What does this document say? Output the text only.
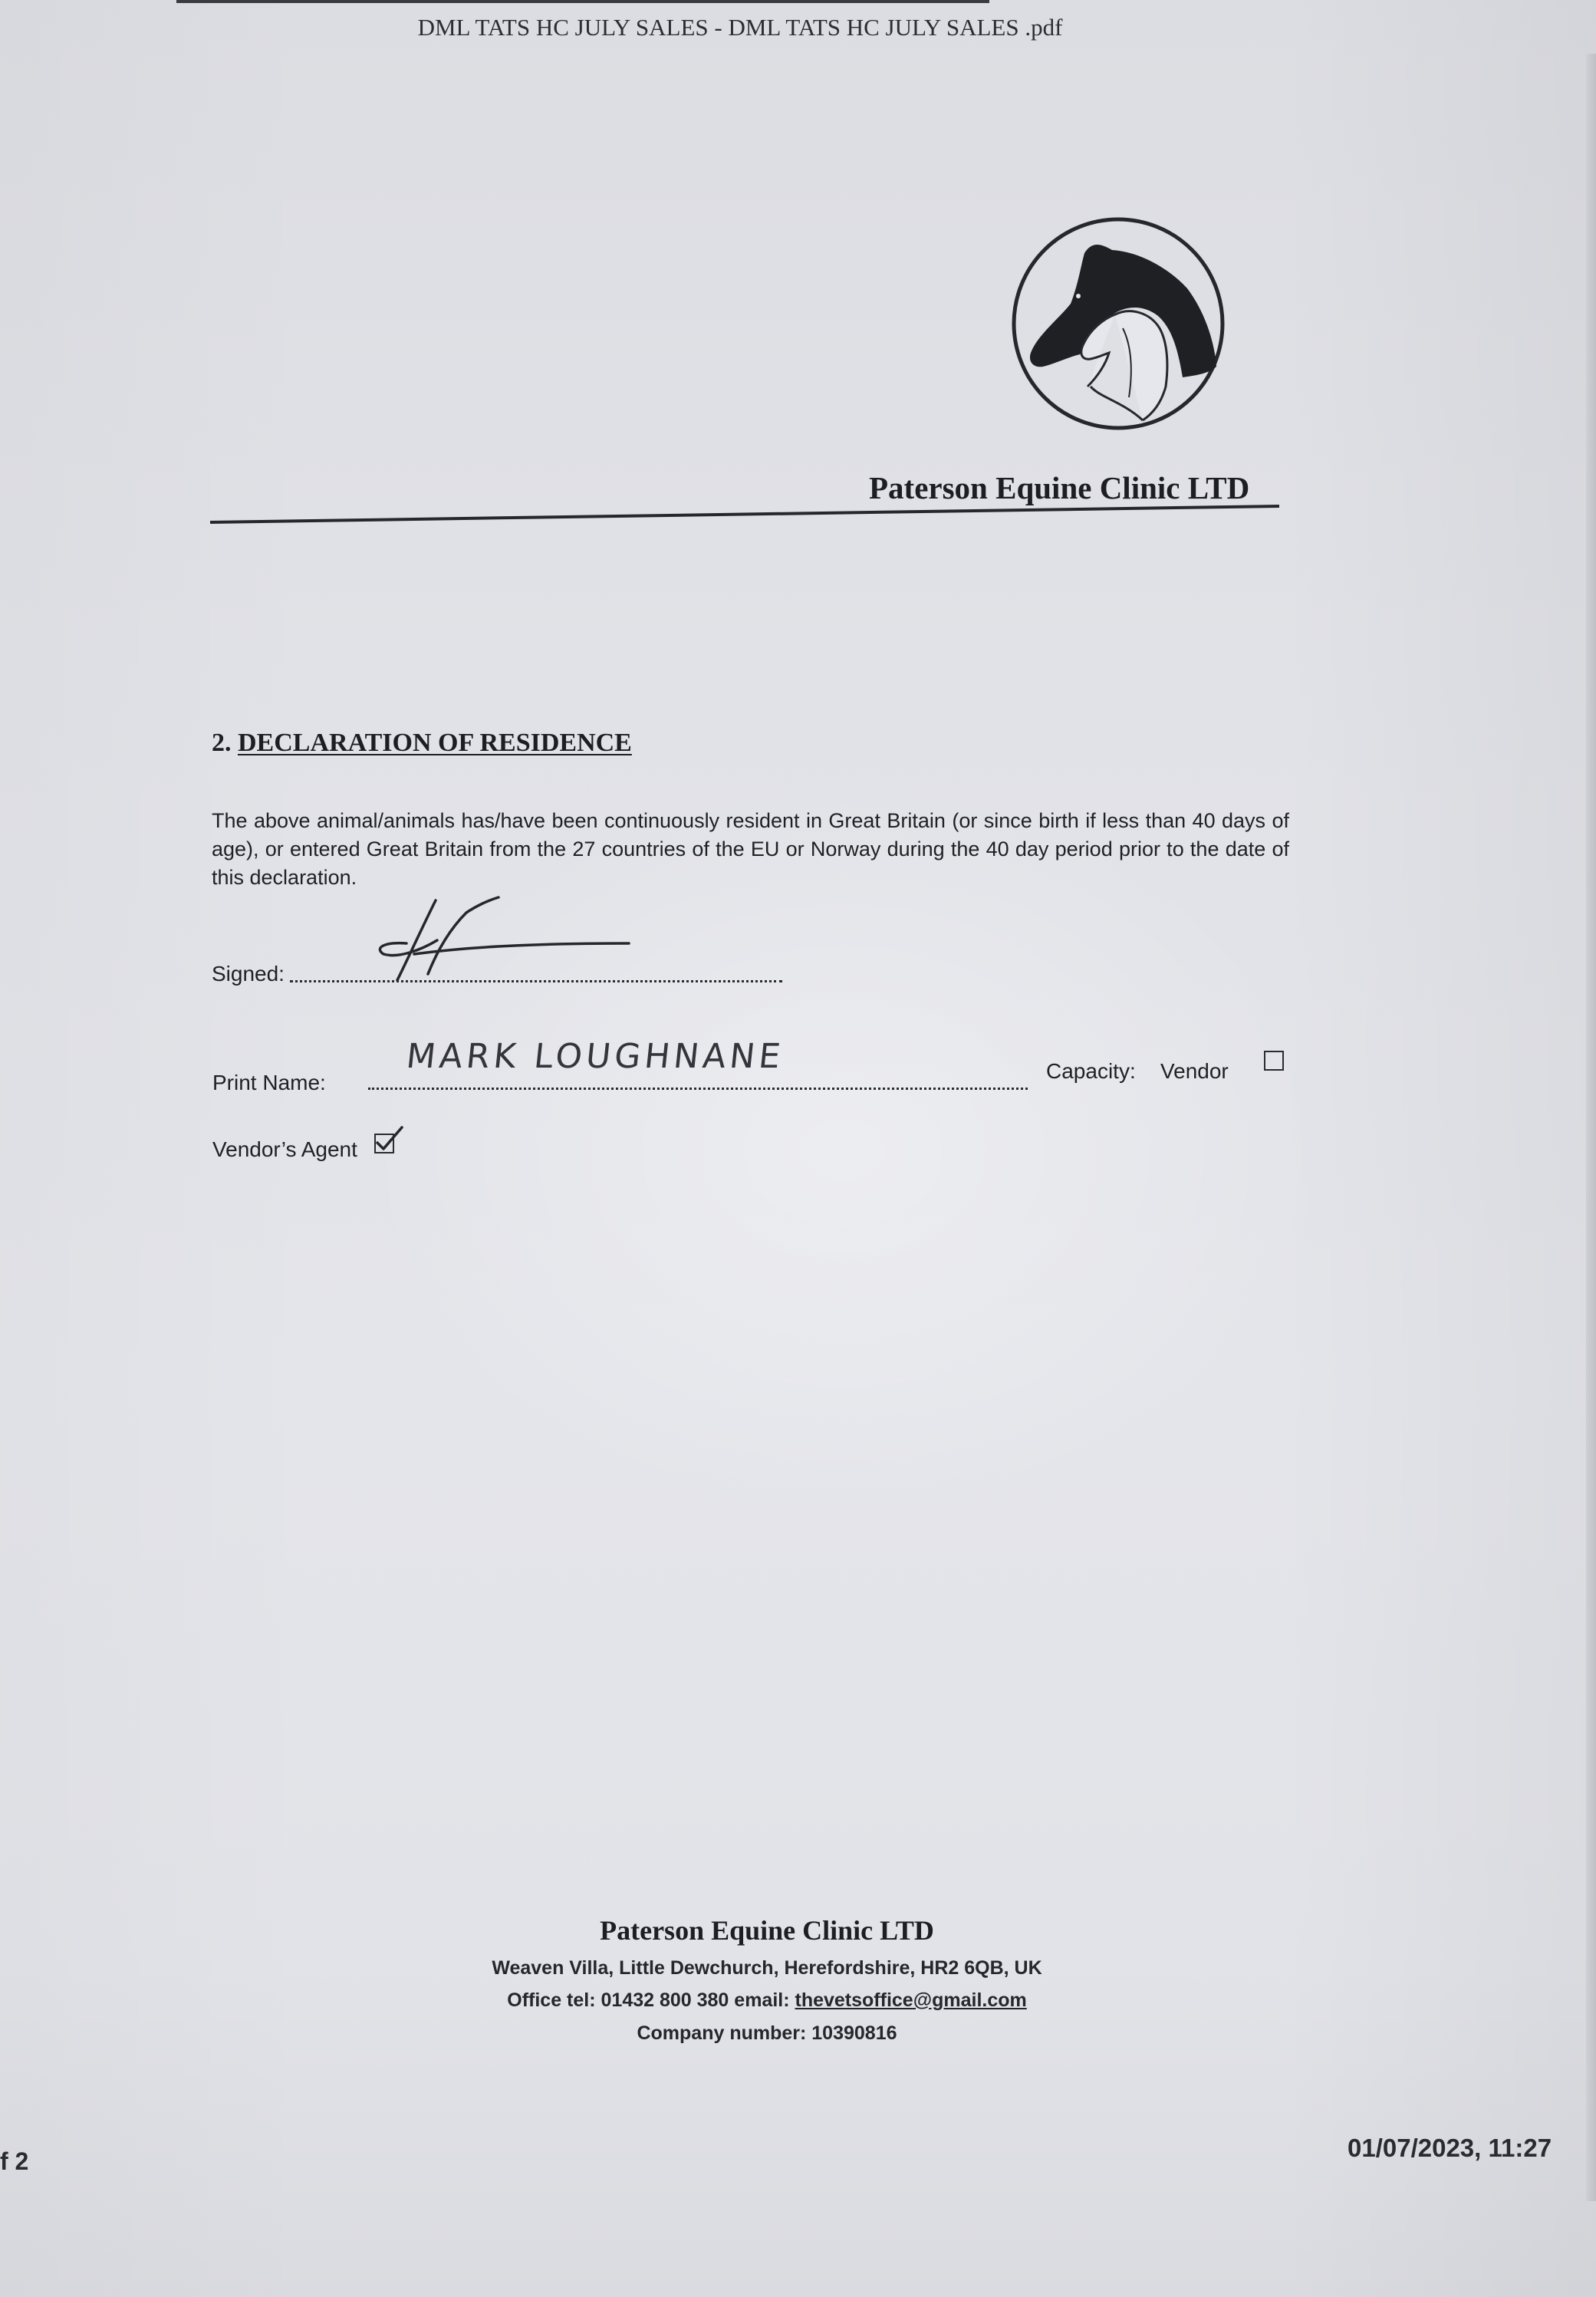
DML TATS HC JULY SALES - DML TATS HC JULY SALES .pdf
Paterson Equine Clinic LTD
2. DECLARATION OF RESIDENCE
The above animal/animals has/have been continuously resident in Great Britain (or since birth if less than 40 days of age), or entered Great Britain from the 27 countries of the EU or Norway during the 40 day period prior to the date of this declaration.
Signed:
Print Name:
MARK LOUGHNANE	Capacity: Vendor
Vendor’s Agent
Paterson Equine Clinic LTD
Weaven Villa, Little Dewchurch, Herefordshire, HR2 6QB, UK
Office tel: 01432 800 380 email: thevetsoffice@gmail.com
Company number: 10390816
f 2	01/07/2023, 11:27
